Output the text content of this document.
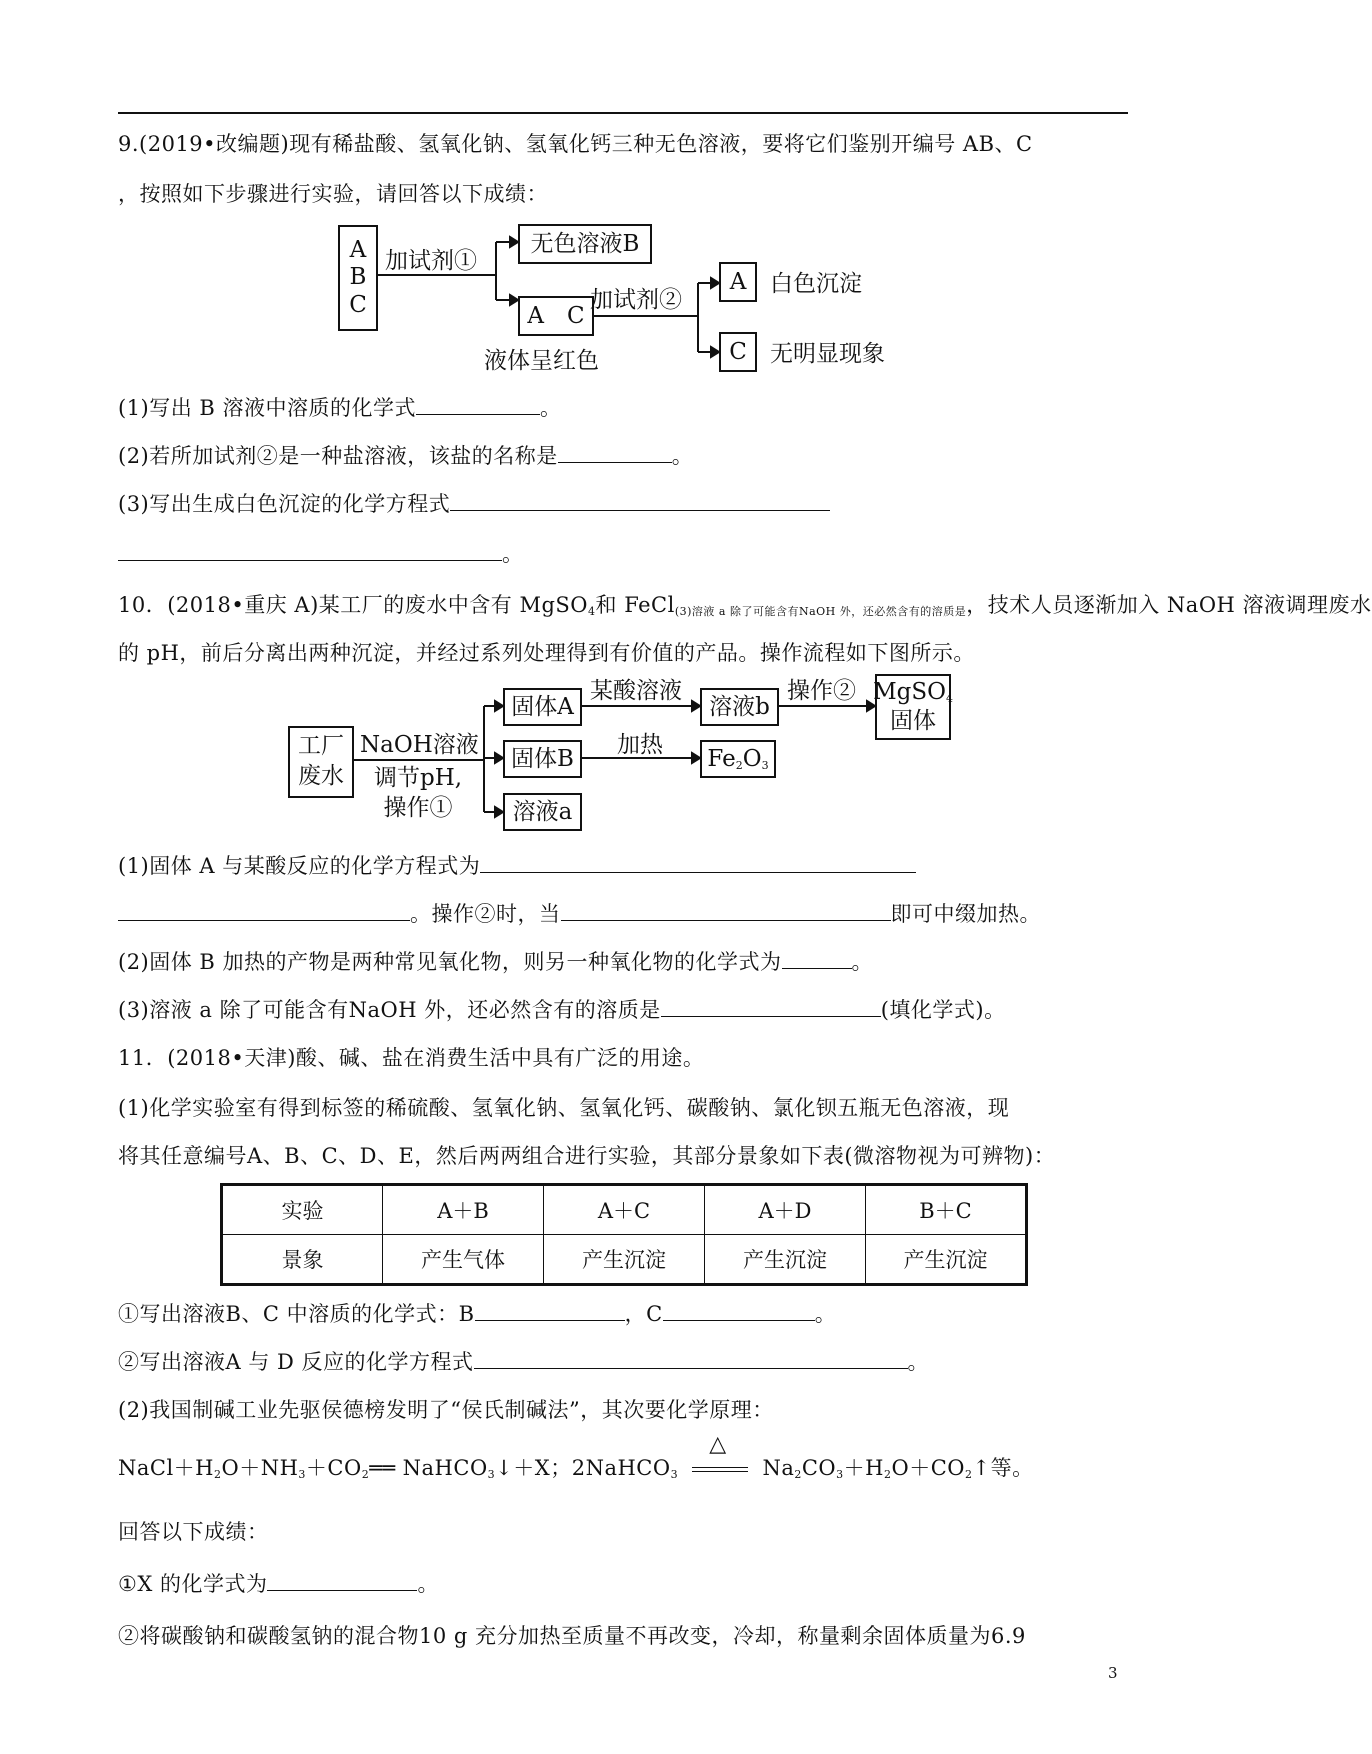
9.(2019•改编题)现有稀盐酸、氢氧化钠、氢氧化钙三种无色溶液，要将它们鉴别开编号 AB、C
，按照如下步骤进行实验，请回答以下成绩：
A
B
C
加试剂①
无色溶液B
A　C
液体呈红色
加试剂②
A	白色沉淀
C	无明显现象
(1)写出 B 溶液中溶质的化学式	。
(2)若所加试剂②是一种盐溶液，该盐的名称是	。
(3)写出生成白色沉淀的化学方程式
。
10．(2018•重庆 A)某工厂的废水中含有 MgSO$_4$和 FeCl$_{(3)溶液 a 除了可能含有NaOH 外,还必然含有的溶质是}$，技术人员逐渐加入 NaOH 溶液调理废水
的 pH，前后分离出两种沉淀，并经过系列处理得到有价值的产品。操作流程如下图所示。
工厂
废水
NaOH溶液
调节pH,
操作①
固体A
某酸溶液
溶液b
操作② MgSO$_4$
固体
固体B
加热
$Fe_2O_3$
溶液a
(1)固体 A 与某酸反应的化学方程式为
。操作②时，当	即可中缀加热。
(2)固体 B 加热的产物是两种常见氧化物，则另一种氧化物的化学式为	。
(3)溶液 a 除了可能含有NaOH 外，还必然含有的溶质是	(填化学式)。
11．(2018•天津)酸、碱、盐在消费生活中具有广泛的用途。
(1)化学实验室有得到标签的稀硫酸、氢氧化钠、氢氧化钙、碳酸钠、氯化钡五瓶无色溶液，现
将其任意编号A、B、C、D、E，然后两两组合进行实验，其部分景象如下表(微溶物视为可辨物)：
实验	A＋B	A＋C	A＋D	B＋C
景象	产生气体	产生沉淀	产生沉淀	产生沉淀
①写出溶液B、C 中溶质的化学式：B	，C	。
②写出溶液A 与 D 反应的化学方程式	。
(2)我国制碱工业先驱侯德榜发明了“侯氏制碱法”，其次要化学原理：
$NaCl+H_2O+NH_3+CO_2══$ NaHCO$_3$↓＋X；2NaHCO$_3$
△
$Na_2CO_3+H_2O+CO_2↑$等。
回答以下成绩：
①X 的化学式为	。
②将碳酸钠和碳酸氢钠的混合物10 g 充分加热至质量不再改变，冷却，称量剩余固体质量为6.9
3
